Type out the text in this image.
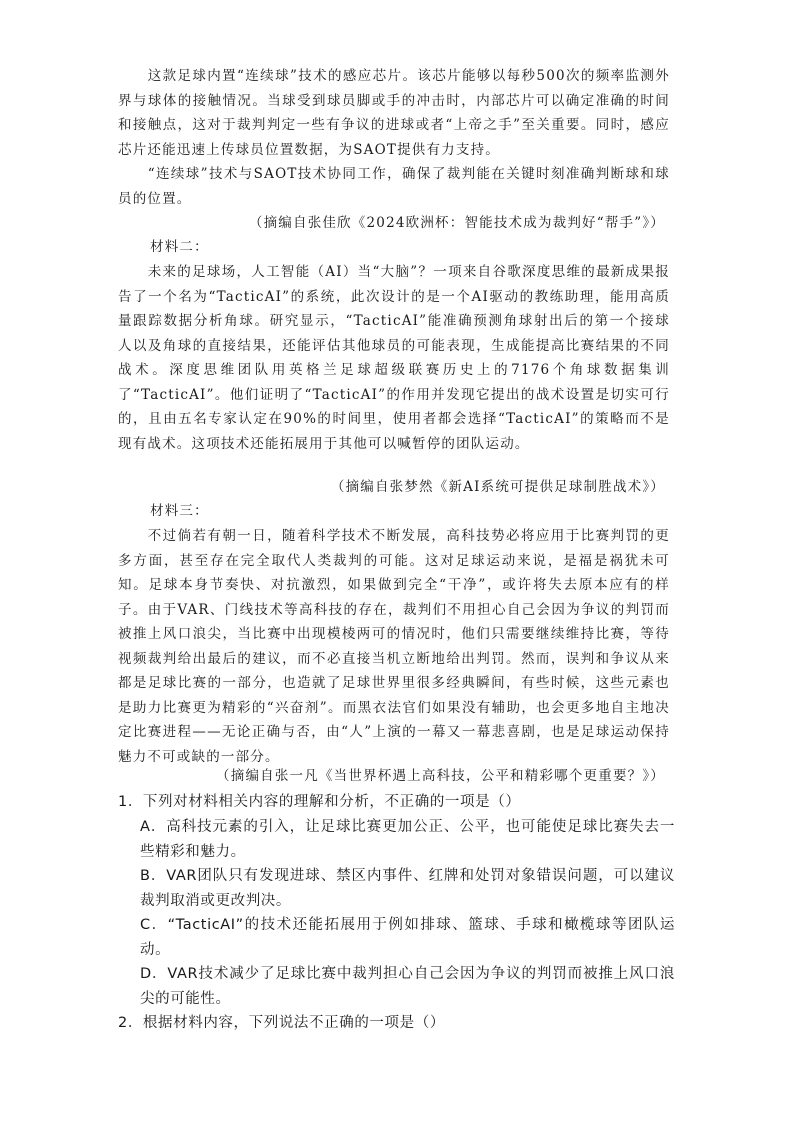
这款足球内置“连续球”技术的感应芯片。该芯片能够以每秒500次的频率监测外界与球体的接触情况。当球受到球员脚或手的冲击时，内部芯片可以确定准确的时间和接触点，这对于裁判判定一些有争议的进球或者“上帝之手”至关重要。同时，感应芯片还能迅速上传球员位置数据，为SAOT提供有力支持。

“连续球”技术与SAOT技术协同工作，确保了裁判能在关键时刻准确判断球和球员的位置。

（摘编自张佳欣《2024欧洲杯：智能技术成为裁判好“帮手”》）
材料二：

未来的足球场，人工智能（AI）当“大脑”？一项来自谷歌深度思维的最新成果报告了一个名为“TacticAI”的系统，此次设计的是一个AI驱动的教练助理，能用高质量跟踪数据分析角球。研究显示，“TacticAI”能准确预测角球射出后的第一个接球人以及角球的直接结果，还能评估其他球员的可能表现，生成能提高比赛结果的不同战术。深度思维团队用英格兰足球超级联赛历史上的7176个角球数据集训了“TacticAI”。他们证明了“TacticAI”的作用并发现它提出的战术设置是切实可行的，且由五名专家认定在90%的时间里，使用者都会选择“TacticAI”的策略而不是现有战术。这项技术还能拓展用于其他可以喊暂停的团队运动。

（摘编自张梦然《新AI系统可提供足球制胜战术》）
材料三：

不过倘若有朝一日，随着科学技术不断发展，高科技势必将应用于比赛判罚的更多方面，甚至存在完全取代人类裁判的可能。这对足球运动来说，是福是祸犹未可知。足球本身节奏快、对抗激烈，如果做到完全“干净”，或许将失去原本应有的样子。由于VAR、门线技术等高科技的存在，裁判们不用担心自己会因为争议的判罚而被推上风口浪尖，当比赛中出现模棱两可的情况时，他们只需要继续维持比赛，等待视频裁判给出最后的建议，而不必直接当机立断地给出判罚。然而，误判和争议从来都是足球比赛的一部分，也造就了足球世界里很多经典瞬间，有些时候，这些元素也是助力比赛更为精彩的“兴奋剂”。而黑衣法官们如果没有辅助，也会更多地自主地决定比赛进程——无论正确与否，由“人”上演的一幕又一幕悲喜剧，也是足球运动保持魅力不可或缺的一部分。

（摘编自张一凡《当世界杯遇上高科技，公平和精彩哪个更重要？》）

1．下列对材料相关内容的理解和分析，不正确的一项是（）

A．高科技元素的引入，让足球比赛更加公正、公平，也可能使足球比赛失去一些精彩和魅力。

B．VAR团队只有发现进球、禁区内事件、红牌和处罚对象错误问题，可以建议裁判取消或更改判决。

C．“TacticAI”的技术还能拓展用于例如排球、篮球、手球和橄榄球等团队运动。

D．VAR技术减少了足球比赛中裁判担心自己会因为争议的判罚而被推上风口浪尖的可能性。

2．根据材料内容，下列说法不正确的一项是（）
